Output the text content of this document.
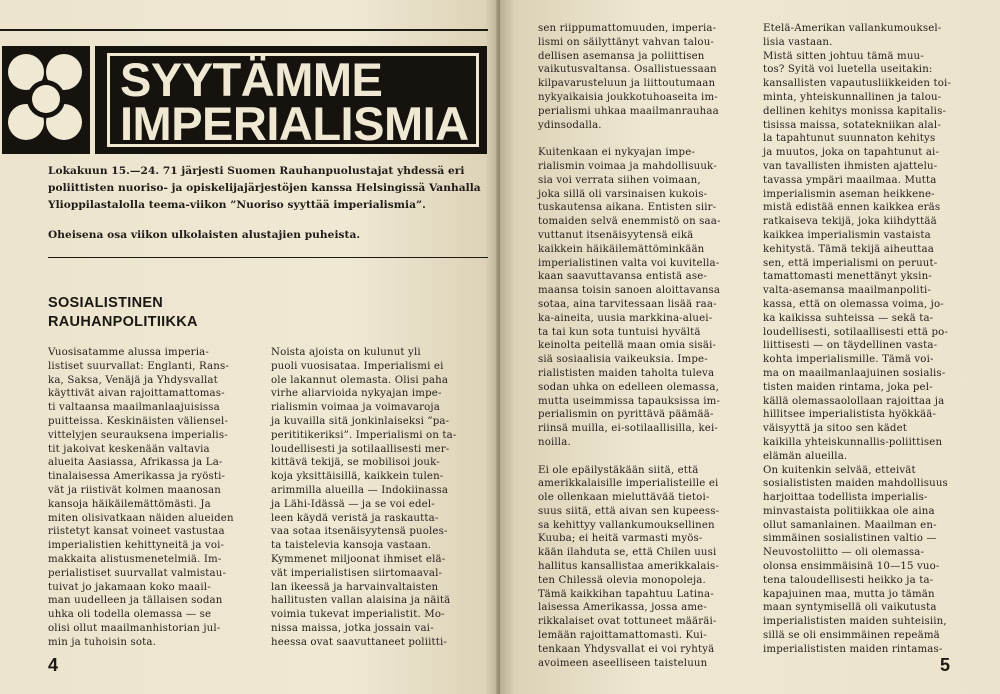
SYYTÄMME
IMPERIALISMIA
Lokakuun 15.—24. 71 järjesti Suomen Rauhanpuolustajat yhdessä eri
poliittisten nuoriso- ja opiskelijajärjestöjen kanssa Helsingissä Vanhalla
Ylioppilastalolla teema-viikon ”Nuoriso syyttää imperialismia”.
Oheisena osa viikon ulkolaisten alustajien puheista.
SOSIALISTINEN
RAUHANPOLITIIKKA

Vuosisatamme alussa imperia-

listiset suurvallat: Englanti, Rans-

ka, Saksa, Venäjä ja Yhdysvallat

käyttivät aivan rajoittamattomas-

ti valtaansa maailmanlaajuisissa

puitteissa. Keskinäisten väliensel-

vittelyjen seurauksena imperialis-

tit jakoivat keskenään valtavia

alueita Aasiassa, Afrikassa ja La-

tinalaisessa Amerikassa ja ryösti-

vät ja riistivät kolmen maanosan

kansoja häikäilemättömästi. Ja

miten olisivatkaan näiden alueiden

riistetyt kansat voineet vastustaa

imperialistien kehittyneitä ja voi-

makkaita alistusmenetelmiä. Im-

perialistiset suurvallat valmistau-

tuivat jo jakamaan koko maail-

man uudelleen ja tällaisen sodan

uhka oli todella olemassa — se

olisi ollut maailmanhistorian jul-

min ja tuhoisin sota.

Noista ajoista on kulunut yli

puoli vuosisataa. Imperialismi ei

ole lakannut olemasta. Olisi paha

virhe aliarvioida nykyajan impe-

rialismin voimaa ja voimavaroja

ja kuvailla sitä jonkinlaiseksi ”pa-

perititikeriksi”. Imperialismi on ta-

loudellisesti ja sotilaallisesti mer-

kittävä tekijä, se mobilisoi jouk-

koja yksittäisillä, kaikkein tulen-

arimmilla alueilla — Indokiinassa

ja Lähi-Idässä — ja se voi edel-

leen käydä veristä ja raskautta-

vaa sotaa itsenäisyytensä puoles-

ta taistelevia kansoja vastaan.

Kymmenet miljoonat ihmiset elä-

vät imperialistisen siirtomaaval-

lan ikeessä ja harvainvaltaisten

hallitusten vallan alaisina ja näitä

voimia tukevat imperialistit. Mo-

nissa maissa, jotka jossain vai-

heessa ovat saavuttaneet poliitti-

4

sen riippumattomuuden, imperia-

lismi on säilyttänyt vahvan talou-

dellisen asemansa ja poliittisen

vaikutusvaltansa. Osallistuessaan

kilpavarusteluun ja liittoutumaan

nykyaikaisia joukkotuhoaseita im-

perialismi uhkaa maailmanrauhaa

ydinsodalla.

Kuitenkaan ei nykyajan impe-

rialismin voimaa ja mahdollisuuk-

sia voi verrata siihen voimaan,

joka sillä oli varsinaisen kukois-

tuskautensa aikana. Entisten siir-

tomaiden selvä enemmistö on saa-

vuttanut itsenäisyytensä eikä

kaikkein häikäilemättöminkään

imperialistinen valta voi kuvitella-

kaan saavuttavansa entistä ase-

maansa toisin sanoen aloittavansa

sotaa, aina tarvitessaan lisää raa-

ka-aineita, uusia markkina-aluei-

ta tai kun sota tuntuisi hyvältä

keinolta peitellä maan omia sisäi-

siä sosiaalisia vaikeuksia. Impe-

rialististen maiden taholta tuleva

sodan uhka on edelleen olemassa,

mutta useimmissa tapauksissa im-

perialismin on pyrittävä päämää-

riinsä muilla, ei-sotilaallisilla, kei-

noilla.

Ei ole epäilystäkään siitä, että

amerikkalaisille imperialisteille ei

ole ollenkaan mieluttävää tietoi-

suus siitä, että aivan sen kupeess-

sa kehittyy vallankumouksellinen

Kuuba; ei heitä varmasti myös-

kään ilahduta se, että Chilen uusi

hallitus kansallistaa amerikkalais-

ten Chilessä olevia monopoleja.

Tämä kaikkihan tapahtuu Latina-

laisessa Amerikassa, jossa ame-

rikkalaiset ovat tottuneet määräi-

lemään rajoittamattomasti. Kui-

tenkaan Yhdysvallat ei voi ryhtyä

avoimeen aseelliseen taisteluun

Etelä-Amerikan vallankumouksel-

lisia vastaan.

Mistä sitten johtuu tämä muu-

tos? Syitä voi luetella useitakin:

kansallisten vapautusliikkeiden toi-

minta, yhteiskunnallinen ja talou-

dellinen kehitys monissa kapitalis-

tisissa maissa, sotatekniikan alal-

la tapahtunut suunnaton kehitys

ja muutos, joka on tapahtunut ai-

van tavallisten ihmisten ajattelu-

tavassa ympäri maailmaa. Mutta

imperialismin aseman heikkene-

mistä edistää ennen kaikkea eräs

ratkaiseva tekijä, joka kiihdyttää

kaikkea imperialismin vastaista

kehitystä. Tämä tekijä aiheuttaa

sen, että imperialismi on peruut-

tamattomasti menettänyt yksin-

valta-asemansa maailmanpoliti-

kassa, että on olemassa voima, jo-

ka kaikissa suhteissa — sekä ta-

loudellisesti, sotilaallisesti että po-

liittisesti — on täydellinen vasta-

kohta imperialismille. Tämä voi-

ma on maailmanlaajuinen sosialis-

tisten maiden rintama, joka pel-

källä olemassaolollaan rajoittaa ja

hillitsee imperialistista hyökkää-

väisyyttä ja sitoo sen kädet

kaikilla yhteiskunnallis-poliittisen

elämän alueilla.

On kuitenkin selvää, etteivät

sosialististen maiden mahdollisuus

harjoittaa todellista imperialis-

minvastaista politiikkaa ole aina

ollut samanlainen. Maailman en-

simmäinen sosialistinen valtio —

Neuvostoliitto — oli olemassa-

olonsa ensimmäisinä 10—15 vuo-

tena taloudellisesti heikko ja ta-

kapajuinen maa, mutta jo tämän

maan syntymisellä oli vaikutusta

imperialististen maiden suhteisiin,

sillä se oli ensimmäinen repeämä

imperialististen maiden rintamas-

5
